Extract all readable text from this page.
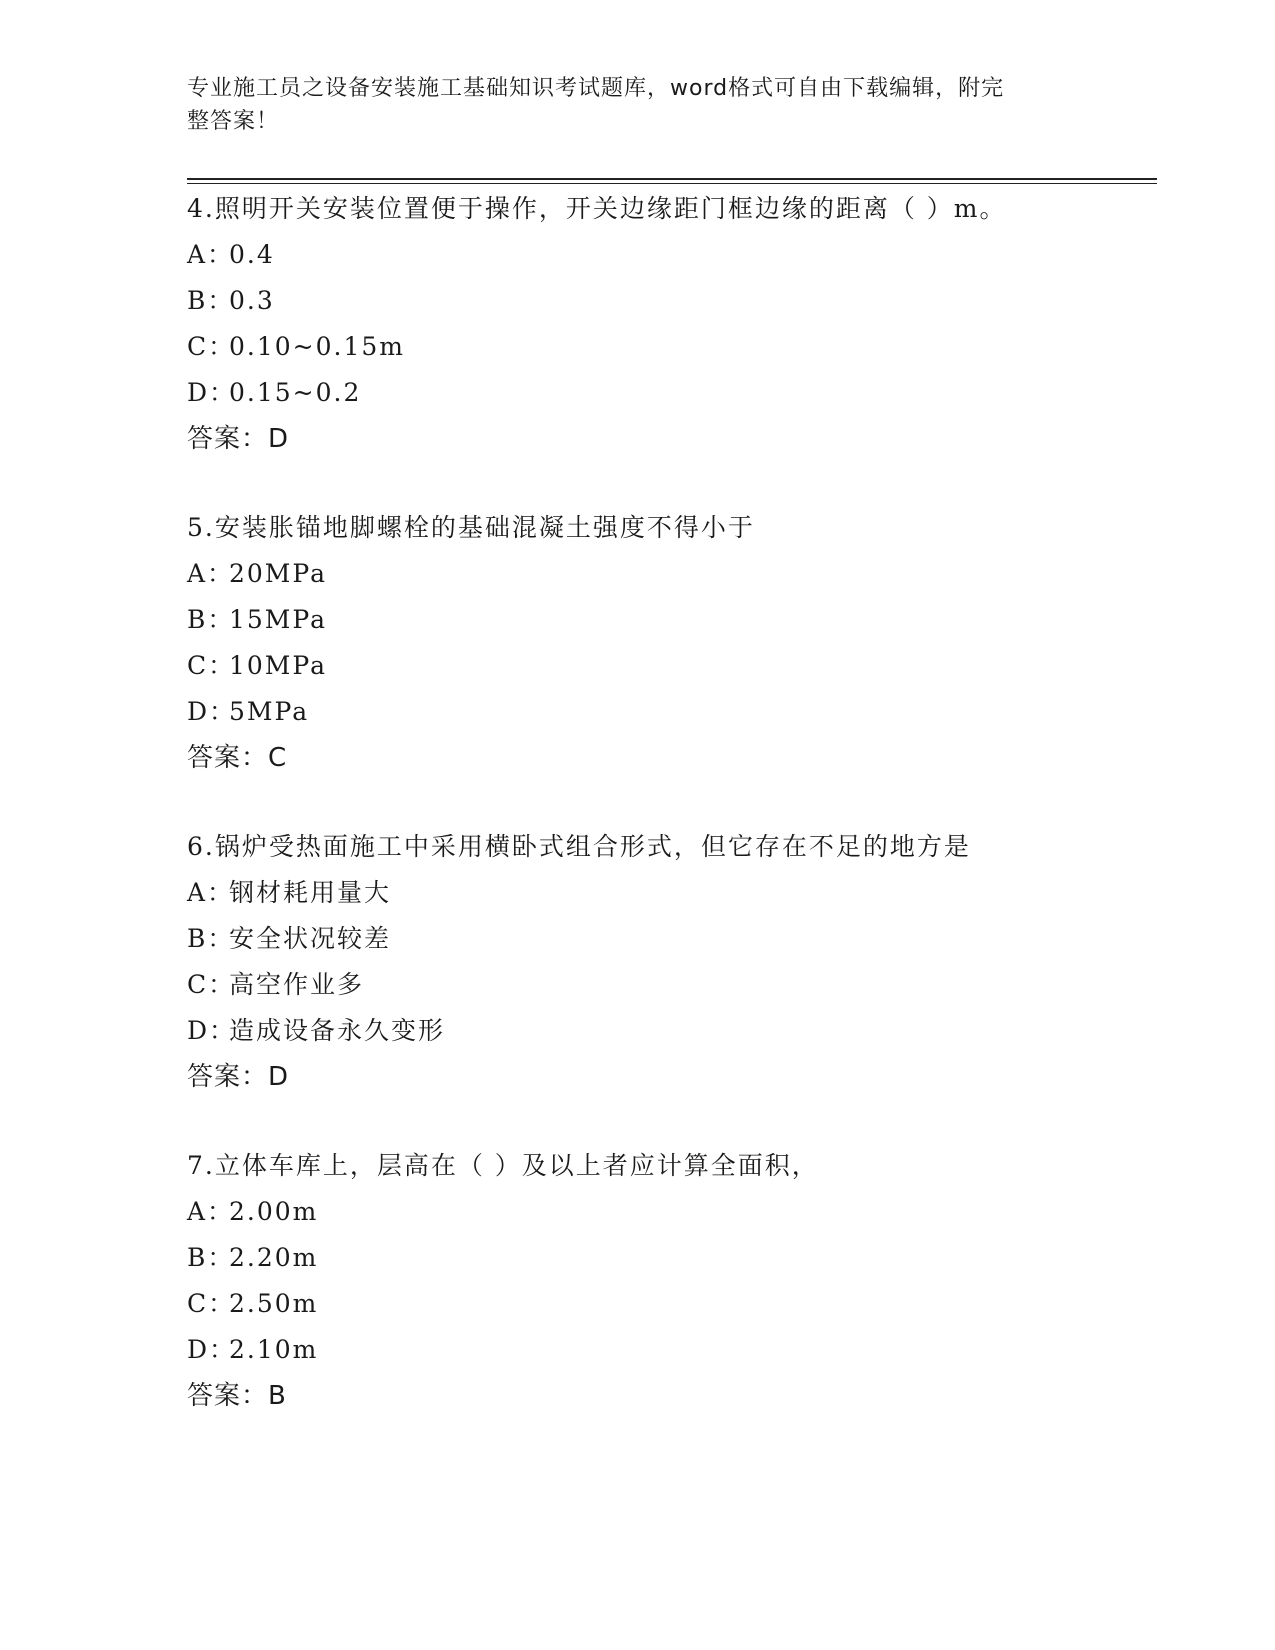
专业施工员之设备安装施工基础知识考试题库，word格式可自由下载编辑，附完
整答案！
4.照明开关安装位置便于操作，开关边缘距门框边缘的距离（ ）m。
A：0.4
B：0.3
C：0.10~0.15m
D：0.15~0.2
答案：D
5.安装胀锚地脚螺栓的基础混凝土强度不得小于
A：20MPa
B：15MPa
C：10MPa
D：5MPa
答案：C
6.锅炉受热面施工中采用横卧式组合形式，但它存在不足的地方是
A：钢材耗用量大
B：安全状况较差
C：高空作业多
D：造成设备永久变形
答案：D
7.立体车库上，层高在（ ）及以上者应计算全面积，
A：2.00m
B：2.20m
C：2.50m
D：2.10m
答案：B
